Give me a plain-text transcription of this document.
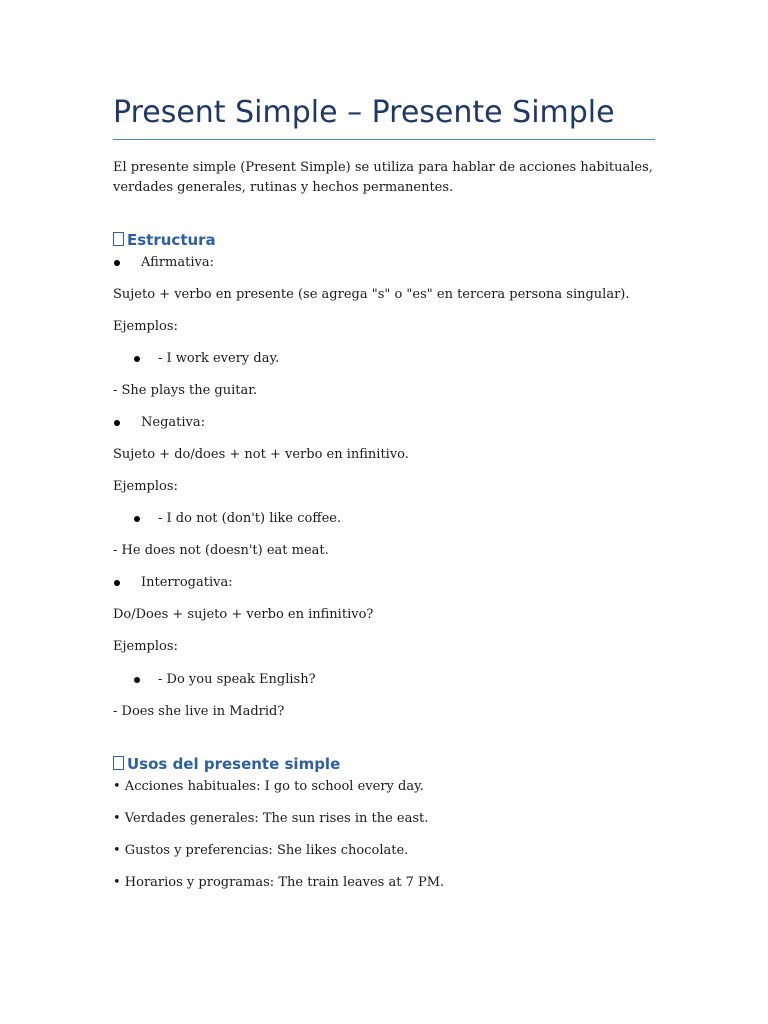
Present Simple – Presente Simple
El presente simple (Present Simple) se utiliza para hablar de acciones habituales, verdades generales, rutinas y hechos permanentes.
Estructura
Afirmativa:
Sujeto + verbo en presente (se agrega "s" o "es" en tercera persona singular).
Ejemplos:
- I work every day.
- She plays the guitar.
Negativa:
Sujeto + do/does + not + verbo en infinitivo.
Ejemplos:
- I do not (don't) like coffee.
- He does not (doesn't) eat meat.
Interrogativa:
Do/Does + sujeto + verbo en infinitivo?
Ejemplos:
- Do you speak English?
- Does she live in Madrid?
Usos del presente simple
• Acciones habituales: I go to school every day.
• Verdades generales: The sun rises in the east.
• Gustos y preferencias: She likes chocolate.
• Horarios y programas: The train leaves at 7 PM.
